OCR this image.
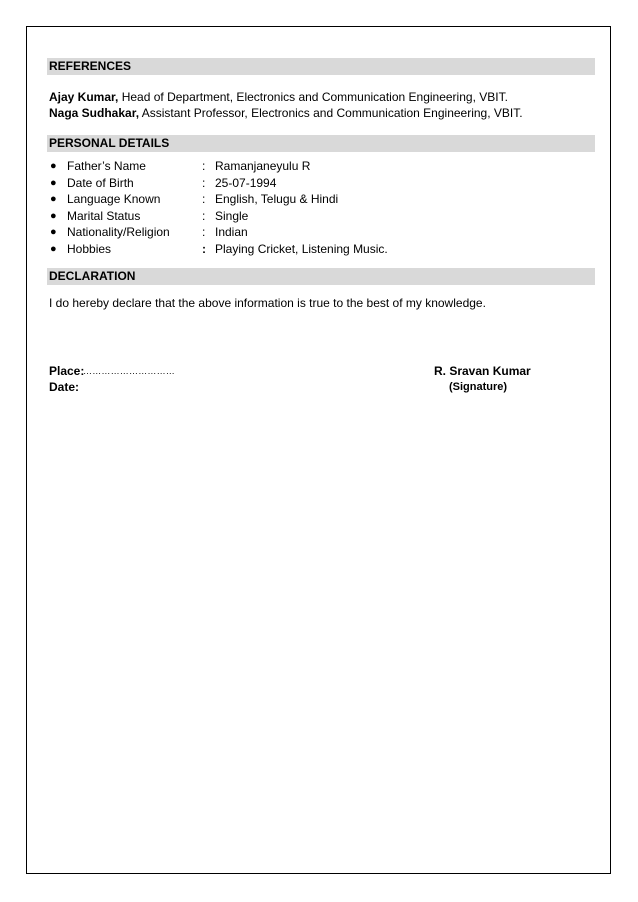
REFERENCES
Ajay Kumar, Head of Department, Electronics and Communication Engineering, VBIT.
Naga Sudhakar, Assistant Professor, Electronics and Communication Engineering, VBIT.
PERSONAL DETAILS
● Father’s Name	: Ramanjaneyulu R
● Date of Birth	: 25-07-1994
● Language Known	: English, Telugu & Hindi
● Marital Status	: Single
● Nationality/Religion	: Indian
● Hobbies	: Playing Cricket, Listening Music.
DECLARATION
I do hereby declare that the above information is true to the best of my knowledge.
Place:
…………………………	R. Sravan Kumar
Date:	(Signature)
